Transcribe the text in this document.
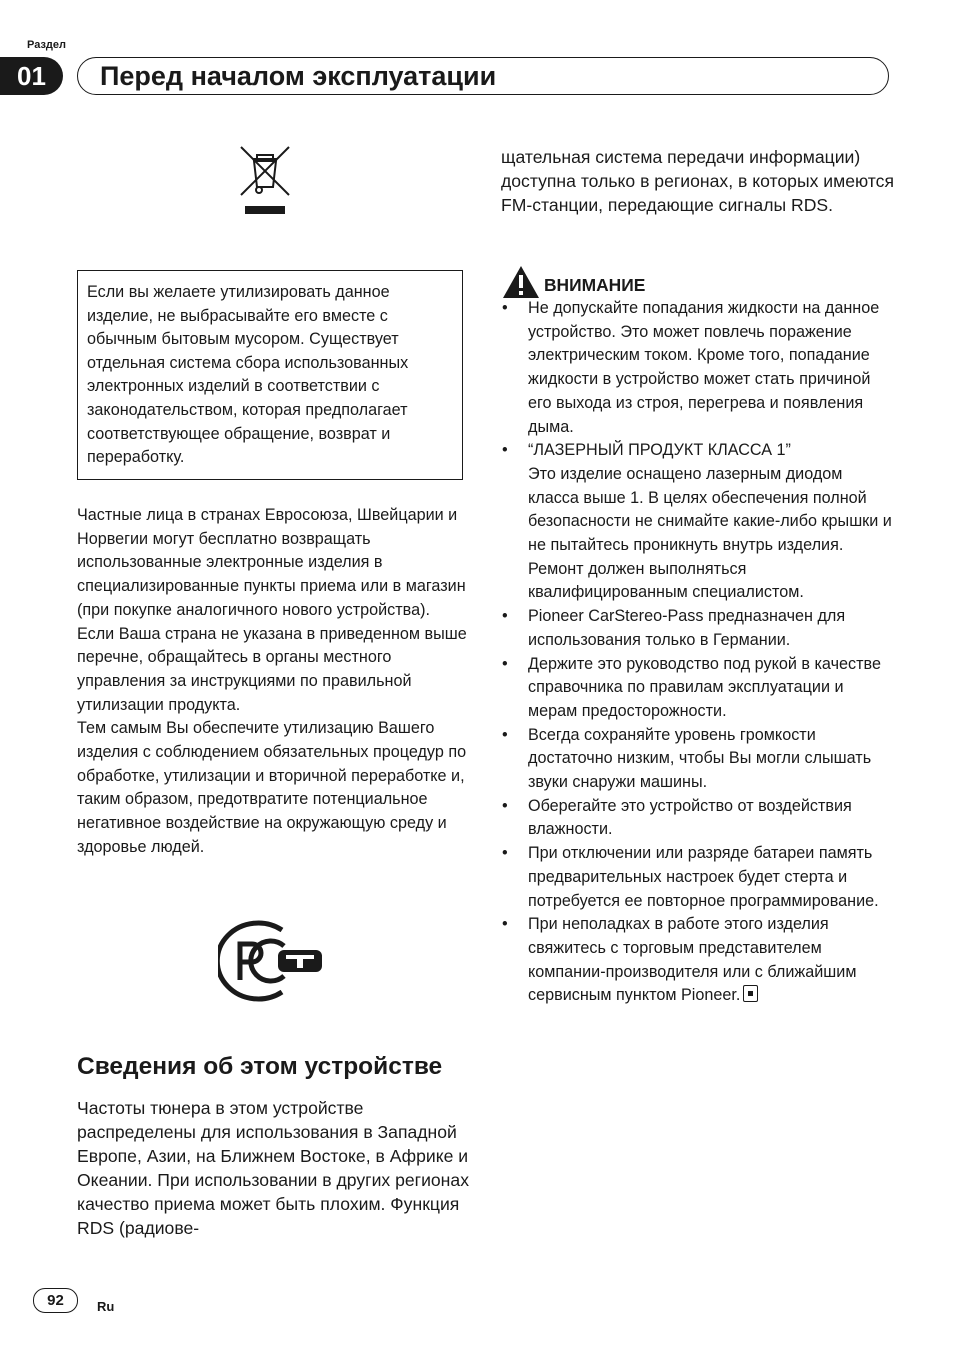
Раздел
01	Перед началом эксплуатации
Если вы желаете утилизировать данное изделие, не выбрасывайте его вместе с обычным бытовым мусором. Существует отдельная система сбора использованных электронных изделий в соответствии с законодательством, которая предполагает соответствующее обращение, возврат и переработку.

Частные лица в странах Евросоюза, Швейцарии и Норвегии могут бесплатно возвращать использованные электронные изделия в специализированные пункты приема или в магазин (при покупке аналогичного нового устройства).

Если Ваша страна не указана в приведенном выше перечне, обращайтесь в органы местного управления за инструкциями по правильной утилизации продукта.

Тем самым Вы обеспечите утилизацию Вашего изделия с соблюдением обязательных процедур по обработке, утилизации и вторичной переработке и, таким образом, предотвратите потенциальное негативное воздействие на окружающую среду и здоровье людей.

Сведения об этом устройстве
Частоты тюнера в этом устройстве распределены для использования в Западной Европе, Азии, на Ближнем Востоке, в Африке и Океании. При использовании в других регионах качество приема может быть плохим. Функция RDS (радиове-
щательная система передачи информации) доступна только в регионах, в которых имеются FM-станции, передающие сигналы RDS.
ВНИМАНИЕ
• Не допускайте попадания жидкости на данное устройство. Это может повлечь поражение электрическим током. Кроме того, попадание жидкости в устройство может стать причиной его выхода из строя, перегрева и появления дыма.
• “ЛАЗЕРНЫЙ ПРОДУКТ КЛАССА 1”
Это изделие оснащено лазерным диодом класса выше 1. В целях обеспечения полной безопасности не снимайте какие-либо крышки и не пытайтесь проникнуть внутрь изделия. Ремонт должен выполняться квалифицированным специалистом.
• Pioneer CarStereo-Pass предназначен для использования только в Германии.
• Держите это руководство под рукой в качестве справочника по правилам эксплуатации и мерам предосторожности.
• Всегда сохраняйте уровень громкости достаточно низким, чтобы Вы могли слышать звуки снаружи машины.
• Оберегайте это устройство от воздействия влажности.
• При отключении или разряде батареи память предварительных настроек будет стерта и потребуется ее повторное программирование.
• При неполадках в работе этого изделия свяжитесь с торговым представителем компании-производителя или с ближайшим сервисным пунктом Pioneer.
92	Ru
